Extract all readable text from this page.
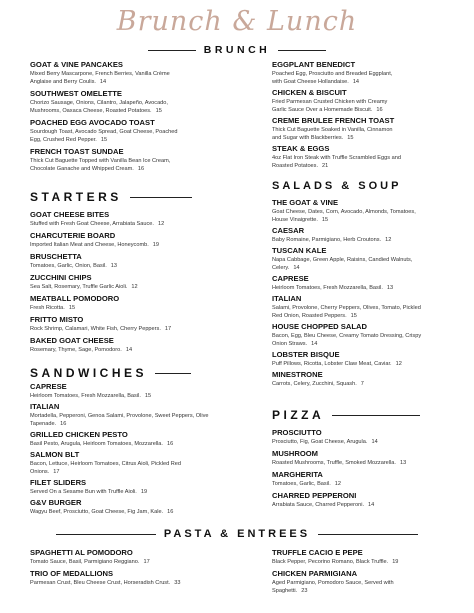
Brunch & Lunch
BRUNCH
GOAT & VINE PANCAKES
Mixed Berry Mascarpone, French Berries, Vanilla Crème Anglaise and Berry Coulis. 14
SOUTHWEST OMELETTE
Chorizo Sausage, Onions, Cilantro, Jalapeño, Avocado, Mushrooms, Oaxaca Cheese, Roasted Potatoes. 15
POACHED EGG AVOCADO TOAST
Sourdough Toast, Avocado Spread, Goat Cheese, Poached Egg, Crushed Red Pepper. 15
FRENCH TOAST SUNDAE
Thick Cut Baguette Topped with Vanilla Bean Ice Cream, Chocolate Ganache and Whipped Cream. 16
EGGPLANT BENEDICT
Poached Egg, Prosciutto and Breaded Eggplant, with Goat Cheese Hollandaise. 14
CHICKEN & BISCUIT
Fried Parmesan Crusted Chicken with Creamy Garlic Sauce Over a Homemade Biscuit. 16
CREME BRULEE FRENCH TOAST
Thick Cut Baguette Soaked in Vanilla, Cinnamon and Sugar with Blackberries. 15
STEAK & EGGS
4oz Flat Iron Steak with Truffle Scrambled Eggs and Roasted Potatoes. 21
STARTERS
GOAT CHEESE BITES
Stuffed with Fresh Goat Cheese, Arrabiata Sauce. 12
CHARCUTERIE BOARD
Imported Italian Meat and Cheese, Honeycomb. 19
BRUSCHETTA
Tomatoes, Garlic, Onion, Basil. 13
ZUCCHINI CHIPS
Sea Salt, Rosemary, Truffle Garlic Aioli. 12
MEATBALL POMODORO
Fresh Ricotta. 15
FRITTO MISTO
Rock Shrimp, Calamari, White Fish, Cherry Peppers. 17
BAKED GOAT CHEESE
Rosemary, Thyme, Sage, Pomodoro. 14
SANDWICHES
CAPRESE
Heirloom Tomatoes, Fresh Mozzarella, Basil. 15
ITALIAN
Mortadella, Pepperoni, Genoa Salami, Provolone, Sweet Peppers, Olive Tapenade. 16
GRILLED CHICKEN PESTO
Basil Pesto, Arugula, Heirloom Tomatoes, Mozzarella. 16
SALMON BLT
Bacon, Lettuce, Heirloom Tomatoes, Citrus Aioli, Pickled Red Onions. 17
FILET SLIDERS
Served On a Sesame Bun with Truffle Aioli. 19
G&V BURGER
Wagyu Beef, Prosciutto, Goat Cheese, Fig Jam, Kale. 16
SALADS & SOUP
THE GOAT & VINE
Goat Cheese, Dates, Corn, Avocado, Almonds, Tomatoes, House Vinaigrette. 15
CAESAR
Baby Romaine, Parmigiano, Herb Croutons. 12
TUSCAN KALE
Napa Cabbage, Green Apple, Raisins, Candied Walnuts, Celery. 14
CAPRESE
Heirloom Tomatoes, Fresh Mozzarella, Basil. 13
ITALIAN
Salami, Provolone, Cherry Peppers, Olives, Tomato, Pickled Red Onion, Roasted Peppers. 15
HOUSE CHOPPED SALAD
Bacon, Egg, Bleu Cheese, Creamy Tomato Dressing, Crispy Onion Straws. 14
LOBSTER BISQUE
Puff Pillows, Ricotta, Lobster Claw Meat, Caviar. 12
MINESTRONE
Carrots, Celery, Zucchini, Squash. 7
PIZZA
PROSCIUTTO
Prosciutto, Fig, Goat Cheese, Arugula. 14
MUSHROOM
Roasted Mushrooms, Truffle, Smoked Mozzarella. 13
MARGHERITA
Tomatoes, Garlic, Basil. 12
CHARRED PEPPERONI
Arrabiata Sauce, Charred Pepperoni. 14
PASTA & ENTREES
SPAGHETTI AL POMODORO
Tomato Sauce, Basil, Parmigiano Reggiano. 17
TRIO OF MEDALLIONS
Parmesan Crust, Bleu Cheese Crust, Horseradish Crust. 33
TRUFFLE CACIO E PEPE
Black Pepper, Pecorino Romano, Black Truffle. 19
CHICKEN PARMIGIANA
Aged Parmigiano, Pomodoro Sauce, Served with Spaghetti. 23
